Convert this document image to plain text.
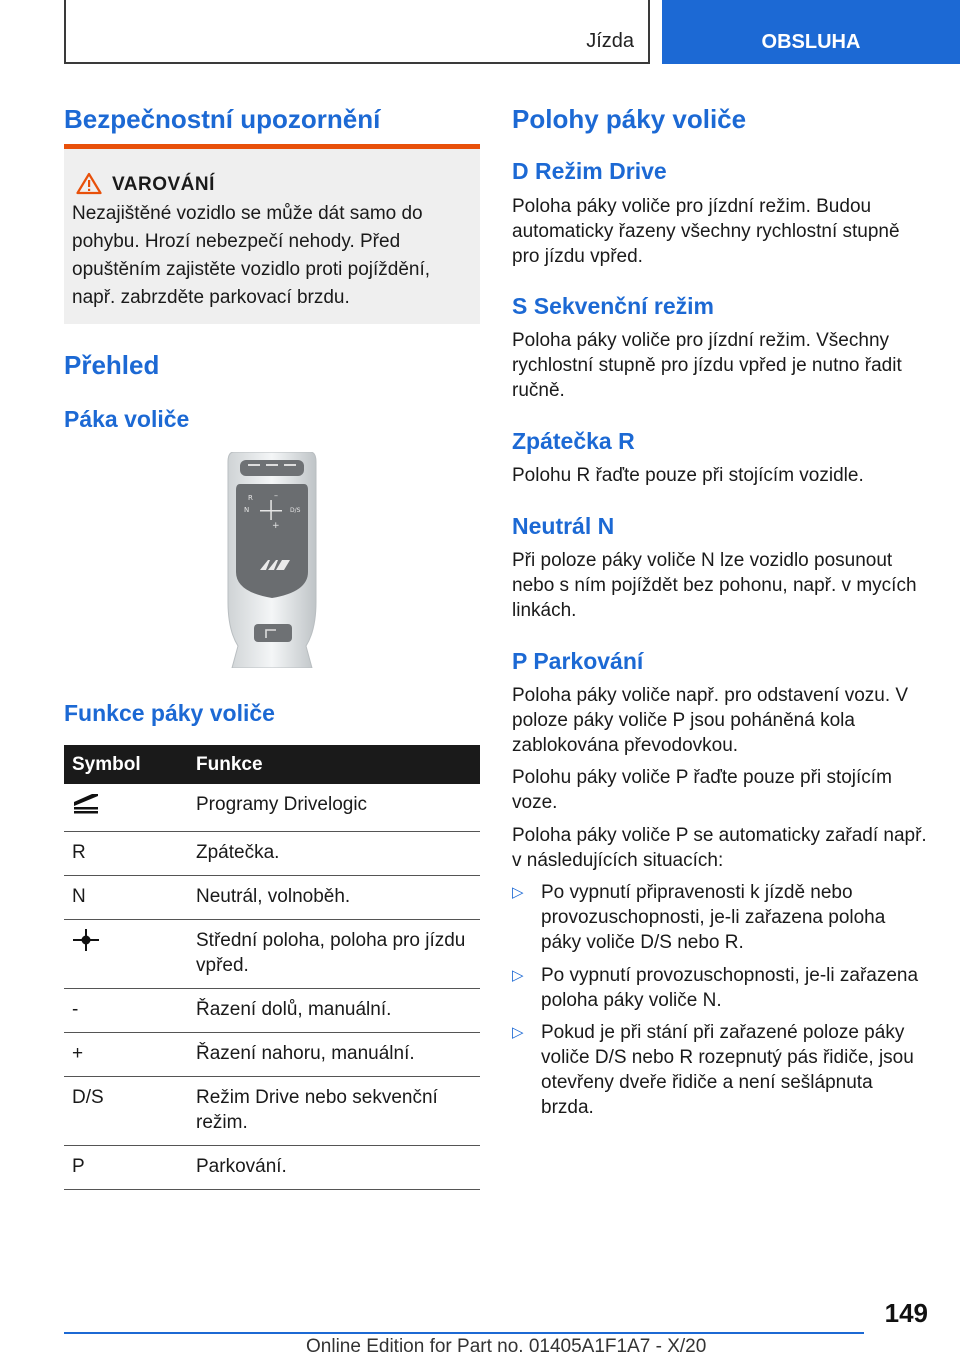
Jízda	OBSLUHA
Bezpečnostní upozornění
VAROVÁNÍ
Nezajištěné vozidlo se může dát samo do pohybu. Hrozí nebezpečí nehody. Před opuštěním zajistěte vozidlo proti pojíždění, např. zabrzděte parkovací brzdu.
Přehled
Páka voliče
R
N	D/S
+
–
Funkce páky voliče
Symbol	Funkce
	Programy Drivelogic
R	Zpátečka.
N	Neutrál, volnoběh.
	Střední poloha, poloha pro jízdu vpřed.
-	Řazení dolů, manuální.
+	Řazení nahoru, manuální.
D/S	Režim Drive nebo sekvenční režim.
P	Parkování.
Polohy páky voliče
D Režim Drive

Poloha páky voliče pro jízdní režim. Budou automaticky řazeny všechny rychlostní stupně pro jízdu vpřed.

S Sekvenční režim

Poloha páky voliče pro jízdní režim. Všechny rychlostní stupně pro jízdu vpřed je nutno řadit ručně.

Zpátečka R

Polohu R řaďte pouze při stojícím vozidle.

Neutrál N

Při poloze páky voliče N lze vozidlo posunout nebo s ním pojíždět bez pohonu, např. v mycích linkách.

P Parkování

Poloha páky voliče např. pro odstavení vozu. V poloze páky voliče P jsou poháněná kola zablokována převodovkou.

Polohu páky voliče P řaďte pouze při stojícím voze.

Poloha páky voliče P se automaticky zařadí např. v následujících situacích:

▷ Po vypnutí připravenosti k jízdě nebo provozuschopnosti, je-li zařazena poloha páky voliče D/S nebo R.
▷ Po vypnutí provozuschopnosti, je-li zařazena poloha páky voliče N.
▷ Pokud je při stání při zařazené poloze páky voliče D/S nebo R rozepnutý pás řidiče, jsou otevřeny dveře řidiče a není sešlápnuta brzda.
149
Online Edition for Part no. 01405A1F1A7 - X/20
